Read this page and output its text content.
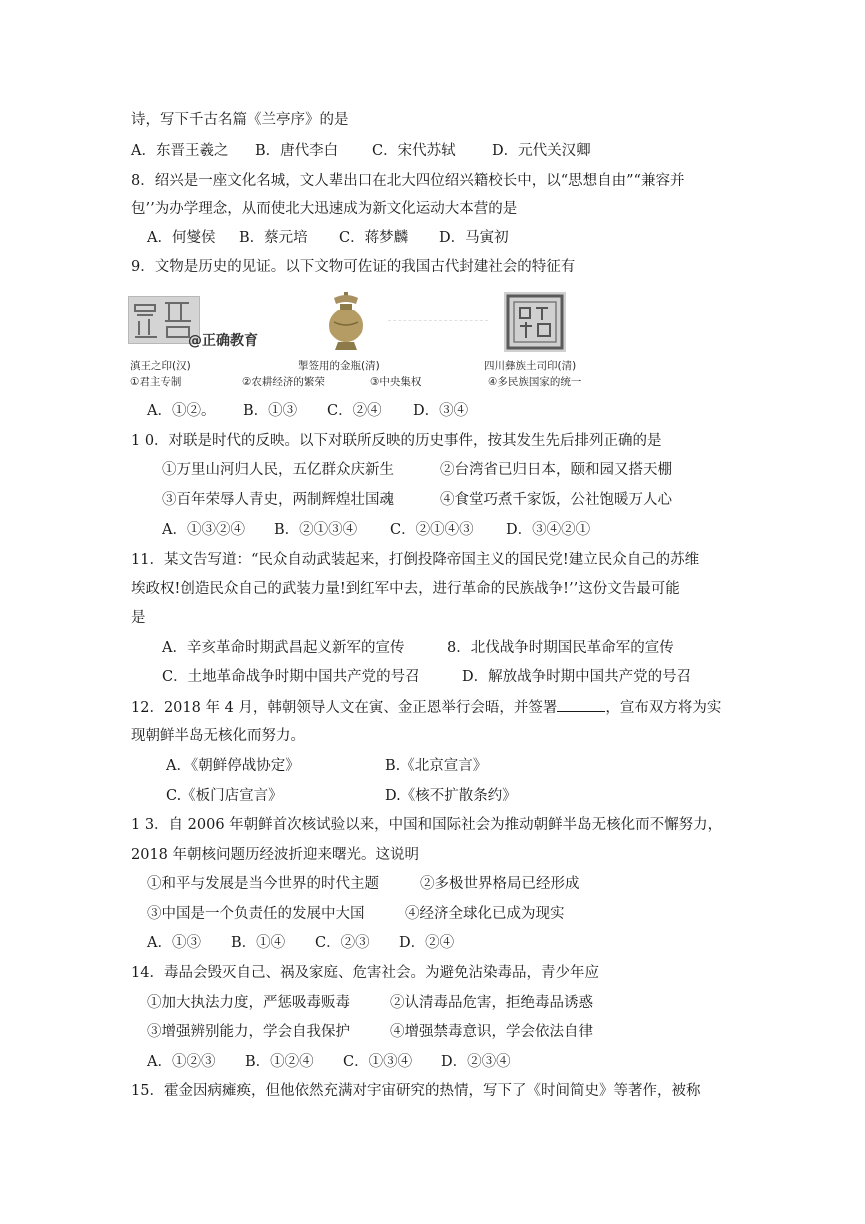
诗，写下千古名篇《兰亭序》的是
A．东晋王羲之	B．唐代李白	C．宋代苏轼	D．元代关汉卿
8．绍兴是一座文化名城，文人辈出口在北大四位绍兴籍校长中，以“思想自由”“兼容并
包’’为办学理念，从而使北大迅速成为新文化运动大本营的是
A．何燮侯	B．蔡元培	C．蒋梦麟	D．马寅初
9．文物是历史的见证。以下文物可佐证的我国古代封建社会的特征有
@正确教育
滇王之印(汉)	掣签用的金瓶(清)	四川彝族土司印(清)
①君主专制	②农耕经济的繁荣	③中央集权	④多民族国家的统一
A．①②。	B．①③	C．②④	D．③④
1 0．对联是时代的反映。以下对联所反映的历史事件，按其发生先后排列正确的是
①万里山河归人民，五亿群众庆新生	②台湾省已归日本，颐和园又搭天棚
③百年荣辱人青史，两制辉煌壮国魂	④食堂巧煮千家饭，公社饱暖万人心
A．①③②④	B．②①③④	C．②①④③	D．③④②①
11．某文告写道：“民众自动武装起来，打倒投降帝国主义的国民党!建立民众自己的苏维
埃政权!创造民众自己的武装力量!到红军中去，进行革命的民族战争!’’这份文告最可能
是
A．辛亥革命时期武昌起义新军的宣传	8．北伐战争时期国民革命军的宣传
C．土地革命战争时期中国共产党的号召	D．解放战争时期中国共产党的号召
12．2018 年 4 月，韩朝领导人文在寅、金正恩举行会晤，并签署	，宣布双方将为实
现朝鲜半岛无核化而努力。
A．《朝鲜停战协定》	B.《北京宣言》
C.《板门店宣言》	D.《核不扩散条约》
1 3．自 2006 年朝鲜首次核试验以来，中国和国际社会为推动朝鲜半岛无核化而不懈努力，
2018 年朝核问题历经波折迎来曙光。这说明
①和平与发展是当今世界的时代主题	②多极世界格局已经形成
③中国是一个负责任的发展中大国	④经济全球化已成为现实
A．①③	B．①④	C．②③	D．②④
14．毒品会毁灭自己、祸及家庭、危害社会。为避免沾染毒品，青少年应
①加大执法力度，严惩吸毒贩毒	②认清毒品危害，拒绝毒品诱惑
③增强辨别能力，学会自我保护	④增强禁毒意识，学会依法自律
A．①②③	B．①②④	C．①③④	D．②③④
15．霍金因病瘫痪，但他依然充满对宇宙研究的热情，写下了《时间简史》等著作，被称
